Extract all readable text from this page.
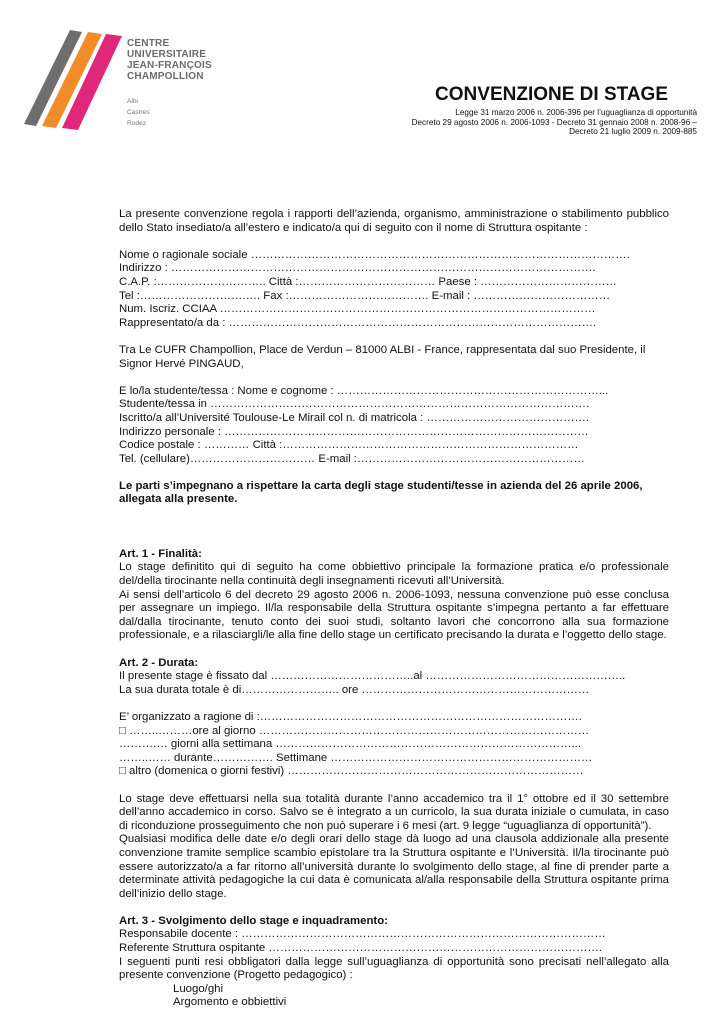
CENTRE
UNIVERSITAIRE
JEAN-FRANÇOIS
CHAMPOLLION
Albi
Castres
Rodez
CONVENZIONE DI STAGE
Legge 31 marzo 2006 n. 2006-396 per l’uguaglianza di opportunità
Decreto 29 agosto 2006 n. 2006-1093 - Decreto 31 gennaio 2008 n. 2008-96 –
Decreto 21 luglio 2009 n. 2009-885

La presente convenzione regola i rapporti dell’azienda, organismo, amministrazione o stabilimento pubblico dello Stato insediato/a all’estero e indicato/a qui di seguito con il nome di Struttura ospitante :

Nome o ragionale sociale ……………………………………………………………………………………….

Indirizzo : ………………………………………………………………………………………………….

C.A.P. :……………………….. Città :……………………………… Paese : ………………………………

Tel :……………………….…. Fax :………………………………. E-mail : ………………………………

Num. Iscriz. CCIAA ………………………………………………………………………………………

Rappresentato/a da : …………………………………………………………………………………….

Tra Le CUFR Champollion, Place de Verdun – 81000 ALBI - France, rappresentata dal suo Presidente, il Signor Hervé PINGAUD,

E lo/la studente/tessa : Nome e cognome : ……………………………………………………………...

Studente/tessa in ……………………………………………………………………………………….

Iscritto/a all’Université Toulouse-Le Mirail col n. di matricola : …………………………………….

Indirizzo personale : ……………………………………………………………………………………

Codice postale : ………… Città :……………………………………………………………………

Tel. (cellulare)…………………………… E-mail :……………………………………………………

Le parti s’impegnano a rispettare la carta degli stage studenti/tesse in azienda del 26 aprile 2006, allegata alla presente.

Art. 1 - Finalità:

Lo stage definitito qui di seguito ha come obbiettivo principale la formazione pratica e/o professionale del/della tirocinante nella continuità degli insegnamenti ricevuti all’Università.

Ai sensi dell’articolo 6 del decreto 29 agosto 2006 n. 2006-1093, nessuna convenzione può esse conclusa per assegnare un impiego. Il/la responsabile della Struttura ospitante s’impegna pertanto a far effettuare dal/dalla tirocinante, tenuto conto dei suoi studi, soltanto lavori che concorrono alla sua formazione professionale, e a rilasciargli/le alla fine dello stage un certificato precisando la durata e l’oggetto dello stage.

Art. 2 - Durata:

Il presente stage è fissato dal ………………………………..al ……………………………………………..

La sua durata totale è di…………………….. ore ……………………………………………………

E’ organizzato a ragione di :………………………………………………………………………….

□ ……..………ore al giorno ……………………………………………………………………………

……….… giorni alla settimana ……………………………………………………………………...

……..…… durante……………. Settimane ……………………………………………………………

□ altro (domenica o giorni festivi) ……………………………………………………………………

Lo stage deve effettuarsi nella sua totalità durante l’anno accademico tra il 1° ottobre ed il 30 settembre dell’anno accademico in corso. Salvo se è integrato a un curricolo, la sua durata iniziale o cumulata, in caso di riconduzione prosseguimento che non può superare i 6 mesi (art. 9 legge “uguaglianza di opportunità”).

Qualsiasi modifica delle date e/o degli orari dello stage dà luogo ad una clausola addizionale alla presente convenzione tramite semplice scambio epistolare tra la Struttura ospitante e l’Università. Il/la tirocinante può essere autorizzato/a a far ritorno all’università durante lo svolgimento dello stage, al fine di prender parte a determinate attività pedagogiche la cui data è comunicata al/alla responsabile della Struttura ospitante prima dell’inizio dello stage.

Art. 3 - Svolgimento dello stage e inquadramento:

Responsabile docente : ……………………………………………………………………………………

Referente Struttura ospitante …………………………………………………………………………….

I seguenti punti resi obbligatori dalla legge sull’uguaglianza di opportunità sono precisati nell’allegato alla presente convenzione (Progetto pedagogico) :

Luogo/ghi

Argomento e obbiettivi
